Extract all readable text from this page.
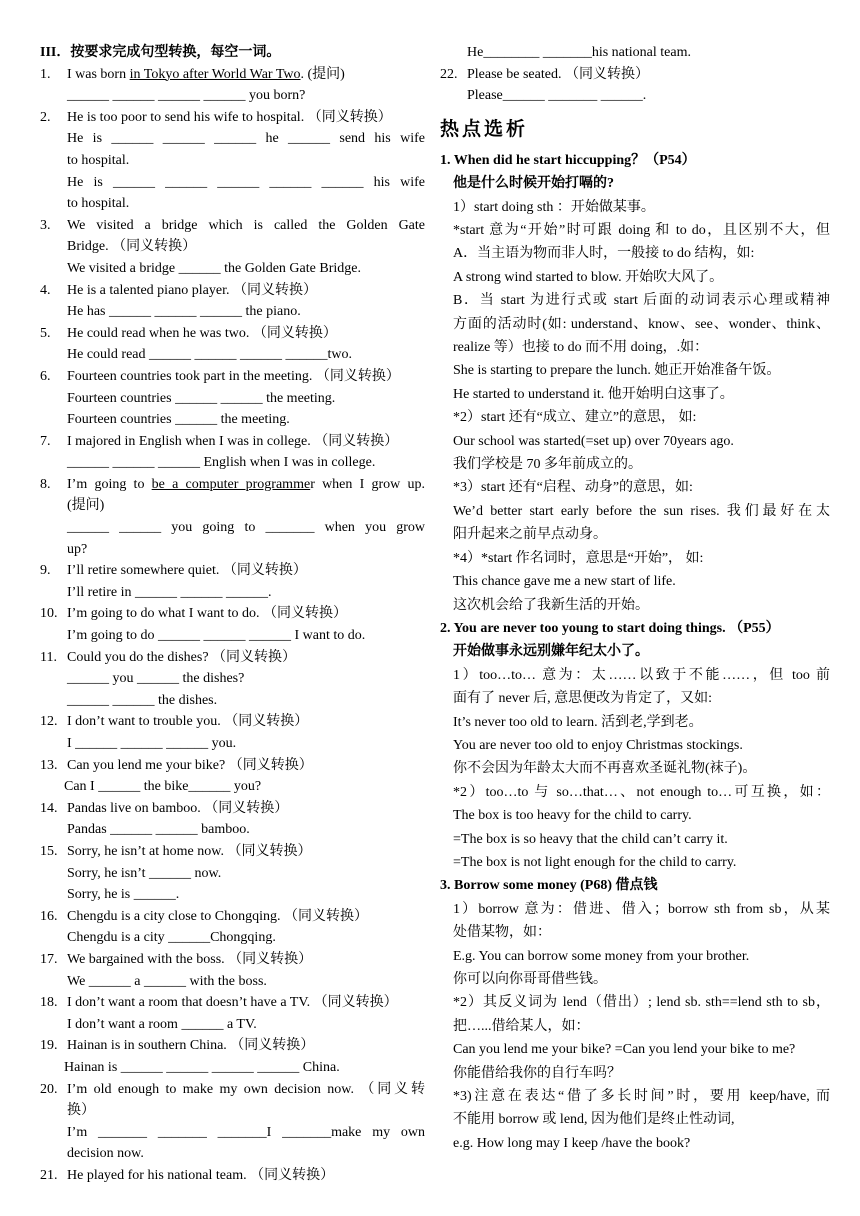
III．按要求完成句型转换，每空一词。
1. I was born in Tokyo after World War Two. (提问)
______ ______ ______ ______ you born?
2. He is too poor to send his wife to hospital. （同义转换）
He is ______ ______ ______ he ______ send his wife
to hospital.
He is ______ ______ ______ ______ ______ his wife
to hospital.
3. We visited a bridge which is called the Golden Gate
Bridge. （同义转换）
We visited a bridge ______ the Golden Gate Bridge.
4. He is a talented piano player. （同义转换）
He has ______ ______ ______ the piano.
5. He could read when he was two. （同义转换）
He could read ______ ______ ______ ______two.
6. Fourteen countries took part in the meeting. （同义转换）
Fourteen countries ______ ______ the meeting.
Fourteen countries ______ the meeting.
7. I majored in English when I was in college. （同义转换）
______ ______ ______ English when I was in college.
8. I’m going to be a computer programmer when I grow up.
(提问)
______ ______ you going to _______ when you grow
up?
9. I’ll retire somewhere quiet. （同义转换）
I’ll retire in ______ ______ ______.
10. I’m going to do what I want to do. （同义转换）
I’m going to do ______ ______ ______ I want to do.
11. Could you do the dishes? （同义转换）
______ you ______ the dishes?
______ ______ the dishes.
12. I don’t want to trouble you. （同义转换）
I ______ ______ ______ you.
13. Can you lend me your bike? （同义转换）
Can I ______ the bike______ you?
14. Pandas live on bamboo. （同义转换）
Pandas ______ ______ bamboo.
15. Sorry, he isn’t at home now. （同义转换）
Sorry, he isn’t ______ now.
Sorry, he is ______.
16. Chengdu is a city close to Chongqing. （同义转换）
Chengdu is a city ______Chongqing.
17. We bargained with the boss. （同义转换）
We ______ a ______ with the boss.
18. I don’t want a room that doesn’t have a TV. （同义转换）
I don’t want a room ______ a TV.
19. Hainan is in southern China. （同义转换）
Hainan is ______ ______ ______ ______ China.
20. I’m old enough to make my own decision now. （同义转
换）
I’m _______ _______ _______I _______make my own
decision now.
21. He played for his national team. （同义转换）
He________ _______his national team.
22. Please be seated. （同义转换）
Please______ _______ ______.
热点选析
1. When did he start hiccupping？（P54）
他是什么时候开始打嗝的?
1）start doing sth ：开始做某事。
*start 意为“开始”时可跟 doing 和 to do，且区别不大，但
A．当主语为物而非人时，一般接 to do 结构，如:
A strong wind started to blow. 开始吹大风了。
B．当 start 为进行式或 start 后面的动词表示心理或精神
方面的活动时(如: understand、know、see、wonder、think、
realize 等）也接 to do 而不用 doing，.如：
She is starting to prepare the lunch. 她正开始准备午饭。
He started to understand it. 他开始明白这事了。
*2）start 还有“成立、建立”的意思， 如:
Our school was started(=set up) over 70years ago.
我们学校是 70 多年前成立的。
*3）start 还有“启程、动身”的意思，如:
We’d better start early before the sun rises. 我们最好在太
阳升起来之前早点动身。
*4）*start 作名词时，意思是“开始”， 如:
This chance gave me a new start of life.
这次机会给了我新生活的开始。
2. You are never too young to start doing things. （P55）
开始做事永远别嫌年纪太小了。
1）too…to… 意为：太……以致于不能……，但 too 前
面有了 never 后, 意思便改为肯定了，又如:
It’s never too old to learn. 活到老,学到老。
You are never too old to enjoy Christmas stockings.
你不会因为年龄太大而不再喜欢圣诞礼物(袜子)。
*2）too…to 与 so…that…、not enough to…可互换，如：
The box is too heavy for the child to carry.
=The box is so heavy that the child can’t carry it.
=The box is not light enough for the child to carry.
3. Borrow some money (P68) 借点钱
1）borrow 意为：借进、借入；borrow sth from sb，从某
处借某物，如：
E.g. You can borrow some money from your brother.
你可以向你哥哥借些钱。
*2）其反义词为 lend（借出）; lend sb. sth==lend sth to sb，
把…...借给某人，如：
Can you lend me your bike? =Can you lend your bike to me?
你能借给我你的自行车吗？
*3)注意在表达“借了多长时间”时，要用 keep/have, 而
不能用 borrow 或 lend, 因为他们是终止性动词,
e.g. How long may I keep /have the book?
